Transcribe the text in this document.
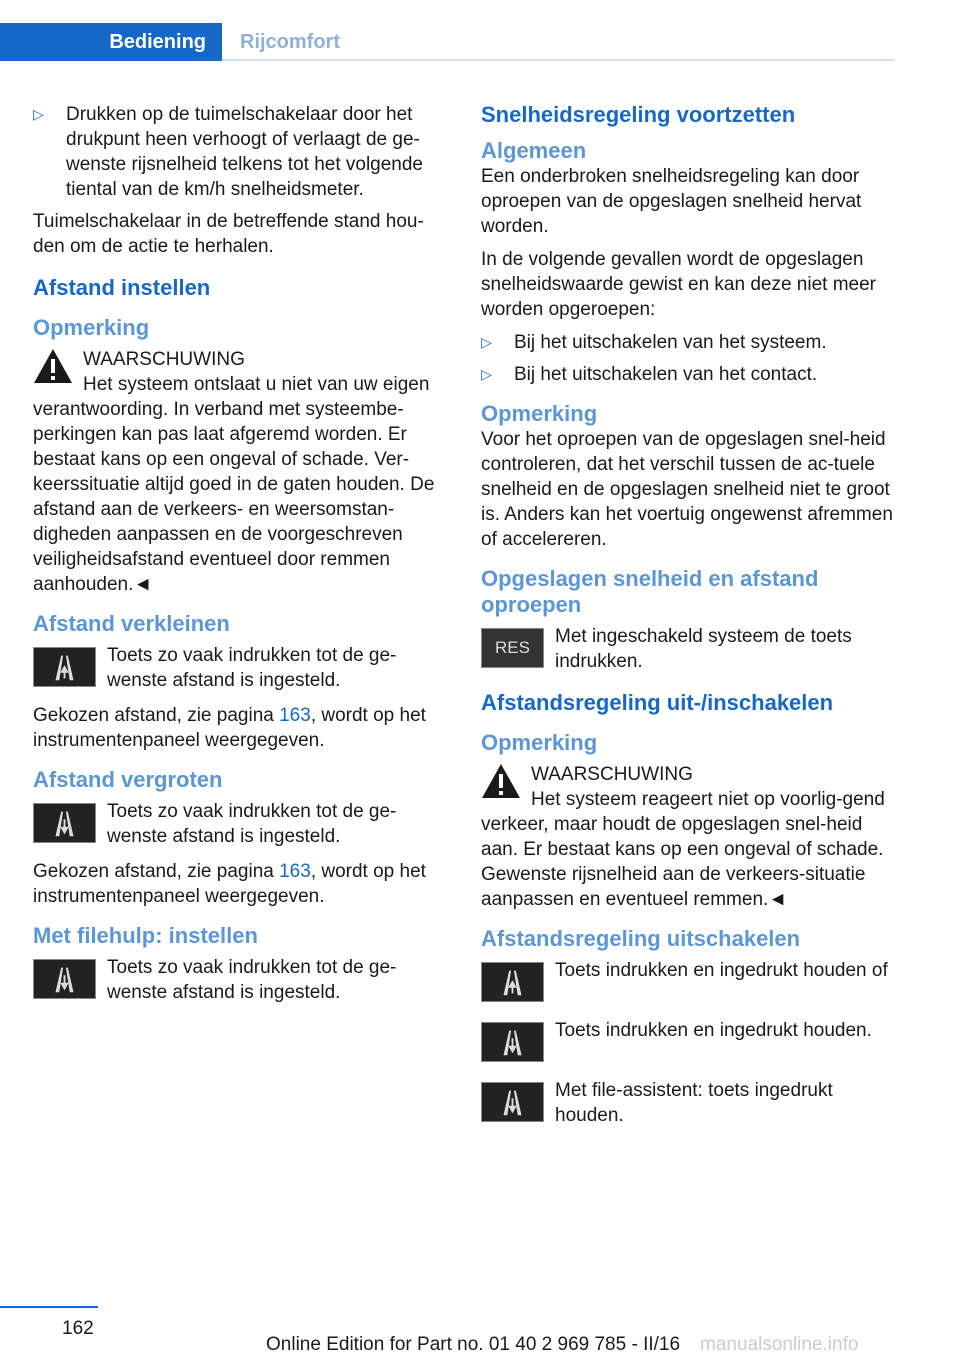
Bediening	Rijcomfort
▷ Drukken op de tuimelschakelaar door het drukpunt heen verhoogt of verlaagt de ge‐wenste rijsnelheid telkens tot het volgende tiental van de km/h snelheidsmeter.

Tuimelschakelaar in de betreffende stand hou‐den om de actie te herhalen.

Afstand instellen
Opmerking
WAARSCHUWING
Het systeem ontslaat u niet van uw eigen verantwoording. In verband met systeembe‐perkingen kan pas laat afgeremd worden. Er bestaat kans op een ongeval of schade. Ver‐keerssituatie altijd goed in de gaten houden. De afstand aan de verkeers- en weersomstan‐digheden aanpassen en de voorgeschreven veiligheidsafstand eventueel door remmen aanhouden.◄
Afstand verkleinen
Toets zo vaak indrukken tot de ge‐wenste afstand is ingesteld.

Gekozen afstand, zie pagina 163, wordt op het instrumentenpaneel weergegeven.

Afstand vergroten
Toets zo vaak indrukken tot de ge‐wenste afstand is ingesteld.

Gekozen afstand, zie pagina 163, wordt op het instrumentenpaneel weergegeven.

Met filehulp: instellen
Toets zo vaak indrukken tot de ge‐wenste afstand is ingesteld.
Snelheidsregeling voortzetten
Algemeen

Een onderbroken snelheidsregeling kan door oproepen van de opgeslagen snelheid hervat worden.

In de volgende gevallen wordt de opgeslagen snelheidswaarde gewist en kan deze niet meer worden opgeroepen:

▷ Bij het uitschakelen van het systeem.
▷ Bij het uitschakelen van het contact.
Opmerking

Voor het oproepen van de opgeslagen snel‐heid controleren, dat het verschil tussen de ac‐tuele snelheid en de opgeslagen snelheid niet te groot is. Anders kan het voertuig ongewenst afremmen of accelereren.

Opgeslagen snelheid en afstand oproepen
RES
Met ingeschakeld systeem de toets indrukken.
Afstandsregeling uit-/inschakelen
Opmerking
WAARSCHUWING
Het systeem reageert niet op voorlig‐gend verkeer, maar houdt de opgeslagen snel‐heid aan. Er bestaat kans op een ongeval of schade. Gewenste rijsnelheid aan de verkeers‐situatie aanpassen en eventueel remmen.◄
Afstandsregeling uitschakelen
Toets indrukken en ingedrukt houden of
Toets indrukken en ingedrukt houden.
Met file-assistent: toets ingedrukt houden.
162
Online Edition for Part no. 01 40 2 969 785 - II/16 manualsonline.info
